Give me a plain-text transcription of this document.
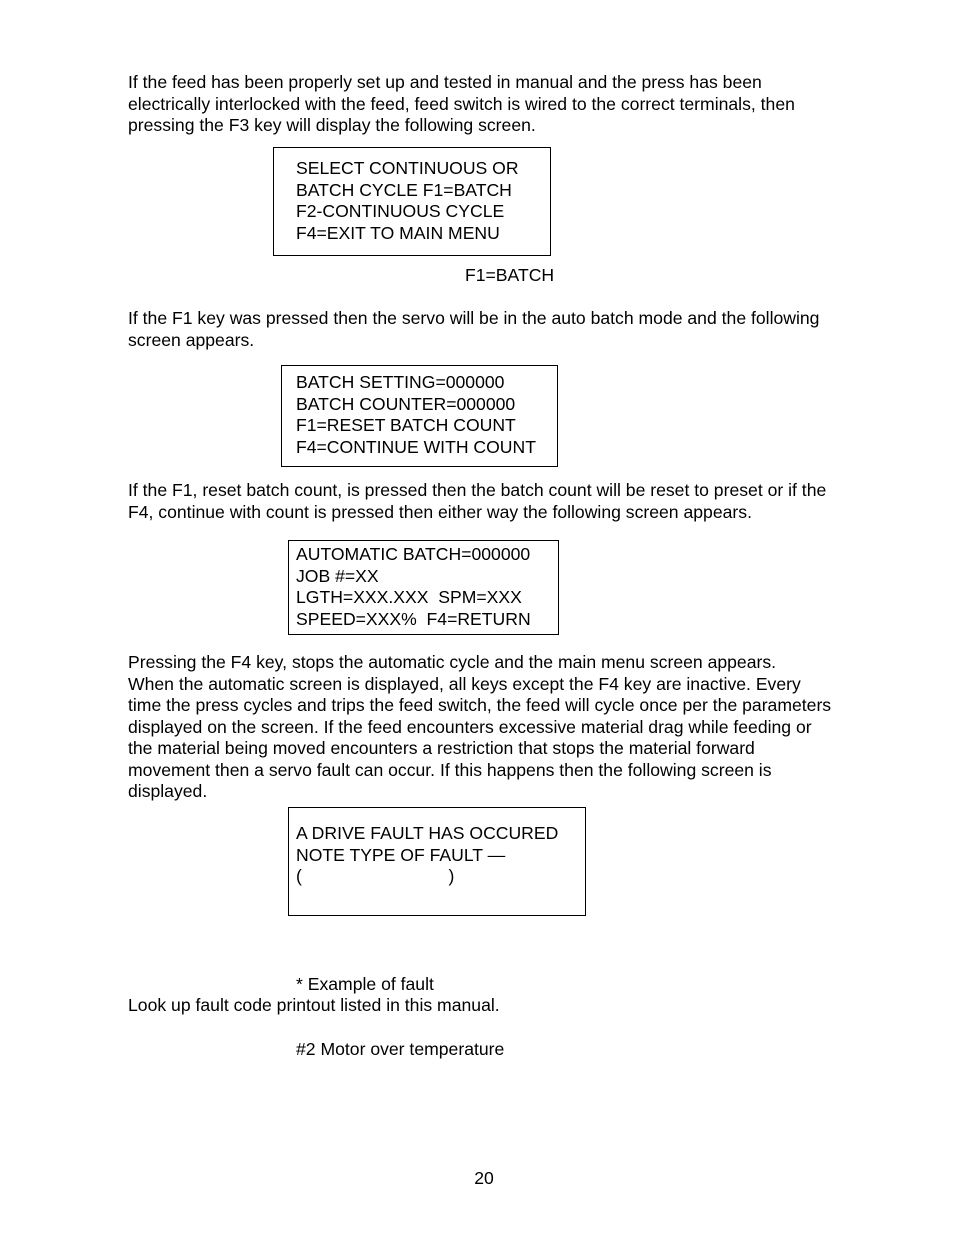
If the feed has been properly set up and tested in manual and the press has been
electrically interlocked with the feed, feed switch is wired to the correct terminals, then
pressing the F3 key will display the following screen.
SELECT CONTINUOUS OR
BATCH CYCLE F1=BATCH
F2-CONTINUOUS CYCLE
F4=EXIT TO MAIN MENU
F1=BATCH
If the F1 key was pressed then the servo will be in the auto batch mode and the following
screen appears.
BATCH SETTING=000000
BATCH COUNTER=000000
F1=RESET BATCH COUNT
F4=CONTINUE WITH COUNT
If the F1, reset batch count, is pressed then the batch count will be reset to preset or if the
F4, continue with count is pressed then either way the following screen appears.
AUTOMATIC BATCH=000000
JOB #=XX
LGTH=XXX.XXX  SPM=XXX
SPEED=XXX%  F4=RETURN
Pressing the F4 key, stops the automatic cycle and the main menu screen appears.
When the automatic screen is displayed, all keys except the F4 key are inactive. Every
time the press cycles and trips the feed switch, the feed will cycle once per the parameters
displayed on the screen. If the feed encounters excessive material drag while feeding or
the material being moved encounters a restriction that stops the material forward
movement then a servo fault can occur. If this happens then the following screen is
displayed.
A DRIVE FAULT HAS OCCURED
NOTE TYPE OF FAULT —
(                              )

* Example of fault

#2 Motor over temperature

Look up fault code printout listed in this manual.
20
